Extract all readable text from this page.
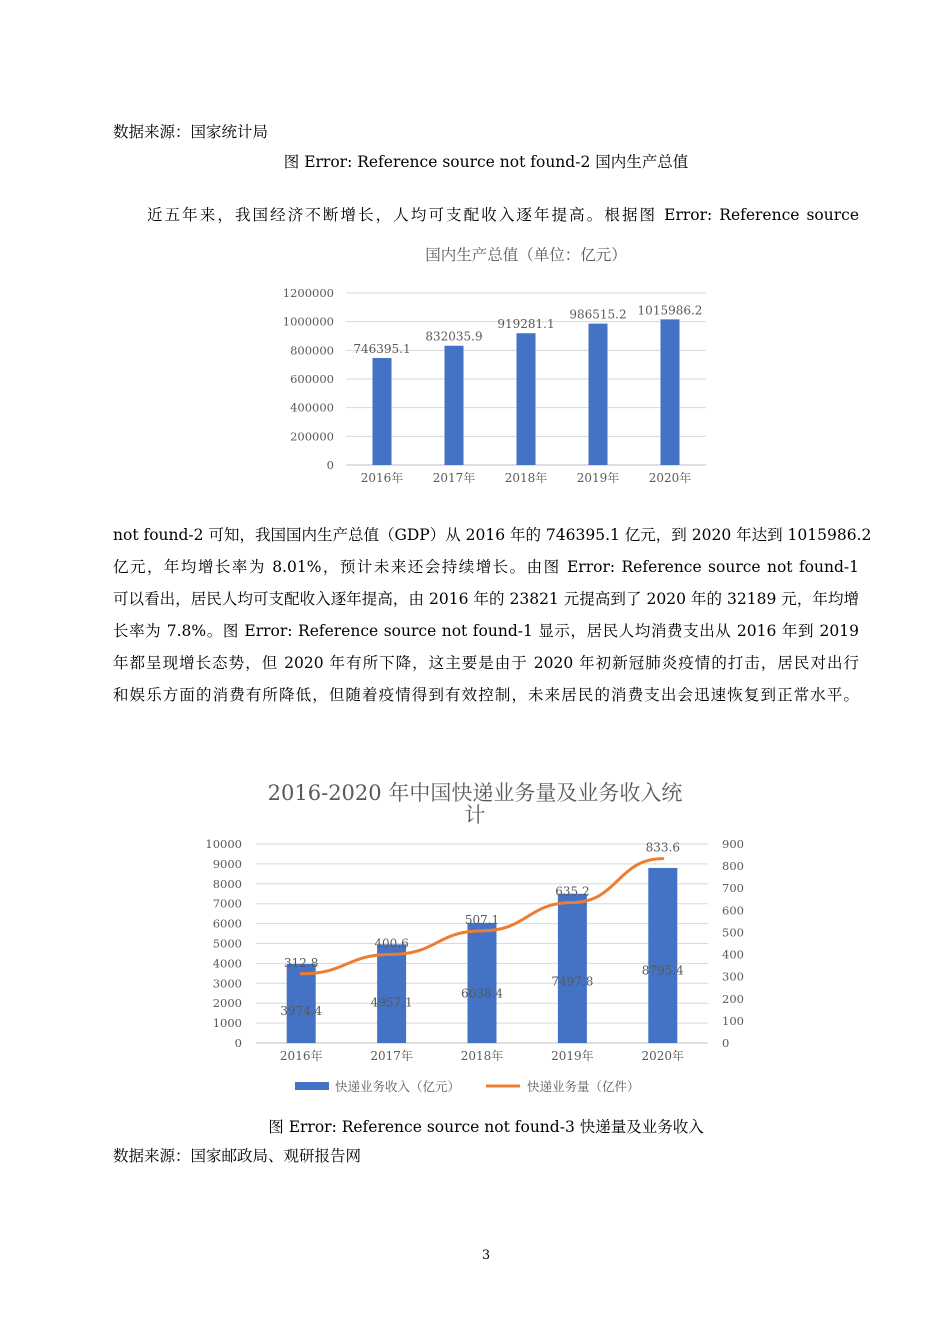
数据来源：国家统计局
图 Error: Reference source not found-2 国内生产总值
近五年来，我国经济不断增长，人均可支配收入逐年提高。根据图 Error: Reference source
国内生产总值（单位：亿元）
0
200000
400000
600000
800000
1000000
1200000
746395.1
2016年
832035.9
2017年
919281.1
2018年
986515.2
2019年
1015986.2
2020年
not found-2 可知，我国国内生产总值（GDP）从 2016 年的 746395.1 亿元，到 2020 年达到 1015986.2
亿元，年均增长率为 8.01%，预计未来还会持续增长。由图 Error: Reference source not found-1
可以看出，居民人均可支配收入逐年提高，由 2016 年的 23821 元提高到了 2020 年的 32189 元，年均增
长率为 7.8%。图 Error: Reference source not found-1 显示，居民人均消费支出从 2016 年到 2019
年都呈现增长态势，但 2020 年有所下降，这主要是由于 2020 年初新冠肺炎疫情的打击，居民对出行
和娱乐方面的消费有所降低，但随着疫情得到有效控制，未来居民的消费支出会迅速恢复到正常水平。
2016-2020 年中国快递业务量及业务收入统
计
0
1000
2000
3000
4000
5000
6000
7000
8000
9000
10000
0
100
200
300
400
500
600
700
800
900
3974.4
2016年
4957.1
2017年
6038.4
2018年
7497.8
2019年
8795.4
2020年
312.8
400.6
507.1
635.2
833.6
快递业务收入（亿元）	快递业务量（亿件）
图 Error: Reference source not found-3 快递量及业务收入
数据来源：国家邮政局、观研报告网
3
